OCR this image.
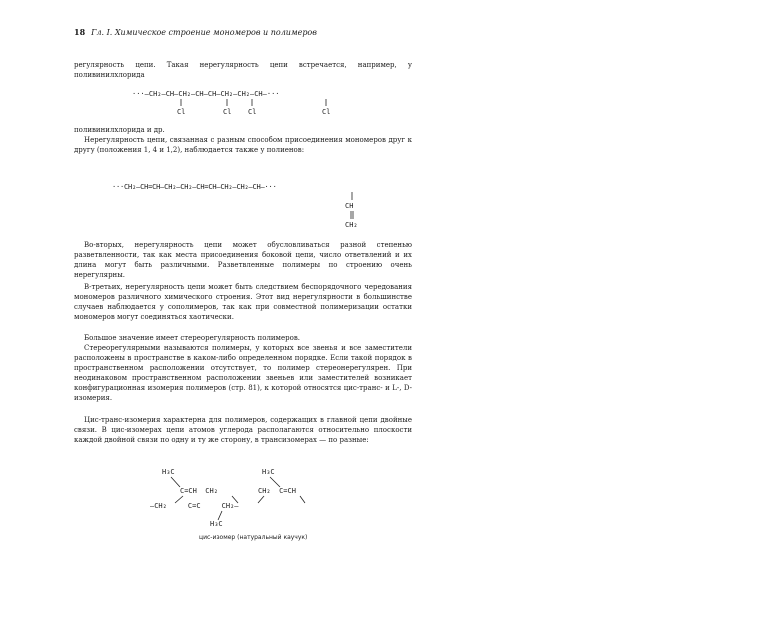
18 Гл. I. Химическое строение мономеров и полимеров

регулярность цепи. Такая нерегулярность цепи встречается, например, у поливинилхлорида

···—CH₂—CH—CH₂—CH—CH—CH₂—CH₂—CH—···
Cl	Cl Cl	Cl

поливинилхлорида и др.

Нерегулярность цепи, связанная с разным способом присоединения мономеров друг к другу (положения 1, 4 и 1,2), наблюдается также у полиенов:

···CH₂—CH=CH—CH₂—CH₂—CH=CH—CH₂—CH₂—CH—···
CH
CH₂

Во-вторых, нерегулярность цепи может обусловливаться разной степенью разветвленности, так как места присоединения боковой цепи, число ответвлений и их длина могут быть различными. Разветвленные полимеры по строению очень нерегулярны.

В-третьих, нерегулярность цепи может быть следствием беспорядочного чередования мономеров различного химического строения. Этот вид нерегулярности в большинстве случаев наблюдается у сополимеров, так как при совместной полимеризации остатки мономеров могут соединяться хаотически.

Большое значение имеет стереорегулярность полимеров.

Стереорегулярными называются полимеры, у которых все звенья и все заместители расположены в пространстве в каком-либо определенном порядке. Если такой порядок в пространственном расположении отсутствует, то полимер стереонерегулярен. При неодинаковом пространственном расположении звеньев или заместителей возникает конфигурационная изомерия полимеров (стр. 81), к которой относятся цис-транс- и L-, D-изомерия.

Цис-транс-изомерия характерна для полимеров, содержащих в главной цепи двойные связи. В цис-изомерах цепи атомов углерода располагаются относительно плоскости каждой двойной связи по одну и ту же сторону, в трансизомерах — по разные:

H₃C	H₃C
C=CH  CH₂	CH₂  C=CH
—CH₂     C=C     CH₂—
H₃C
цис-изомер (натуральный каучук)
